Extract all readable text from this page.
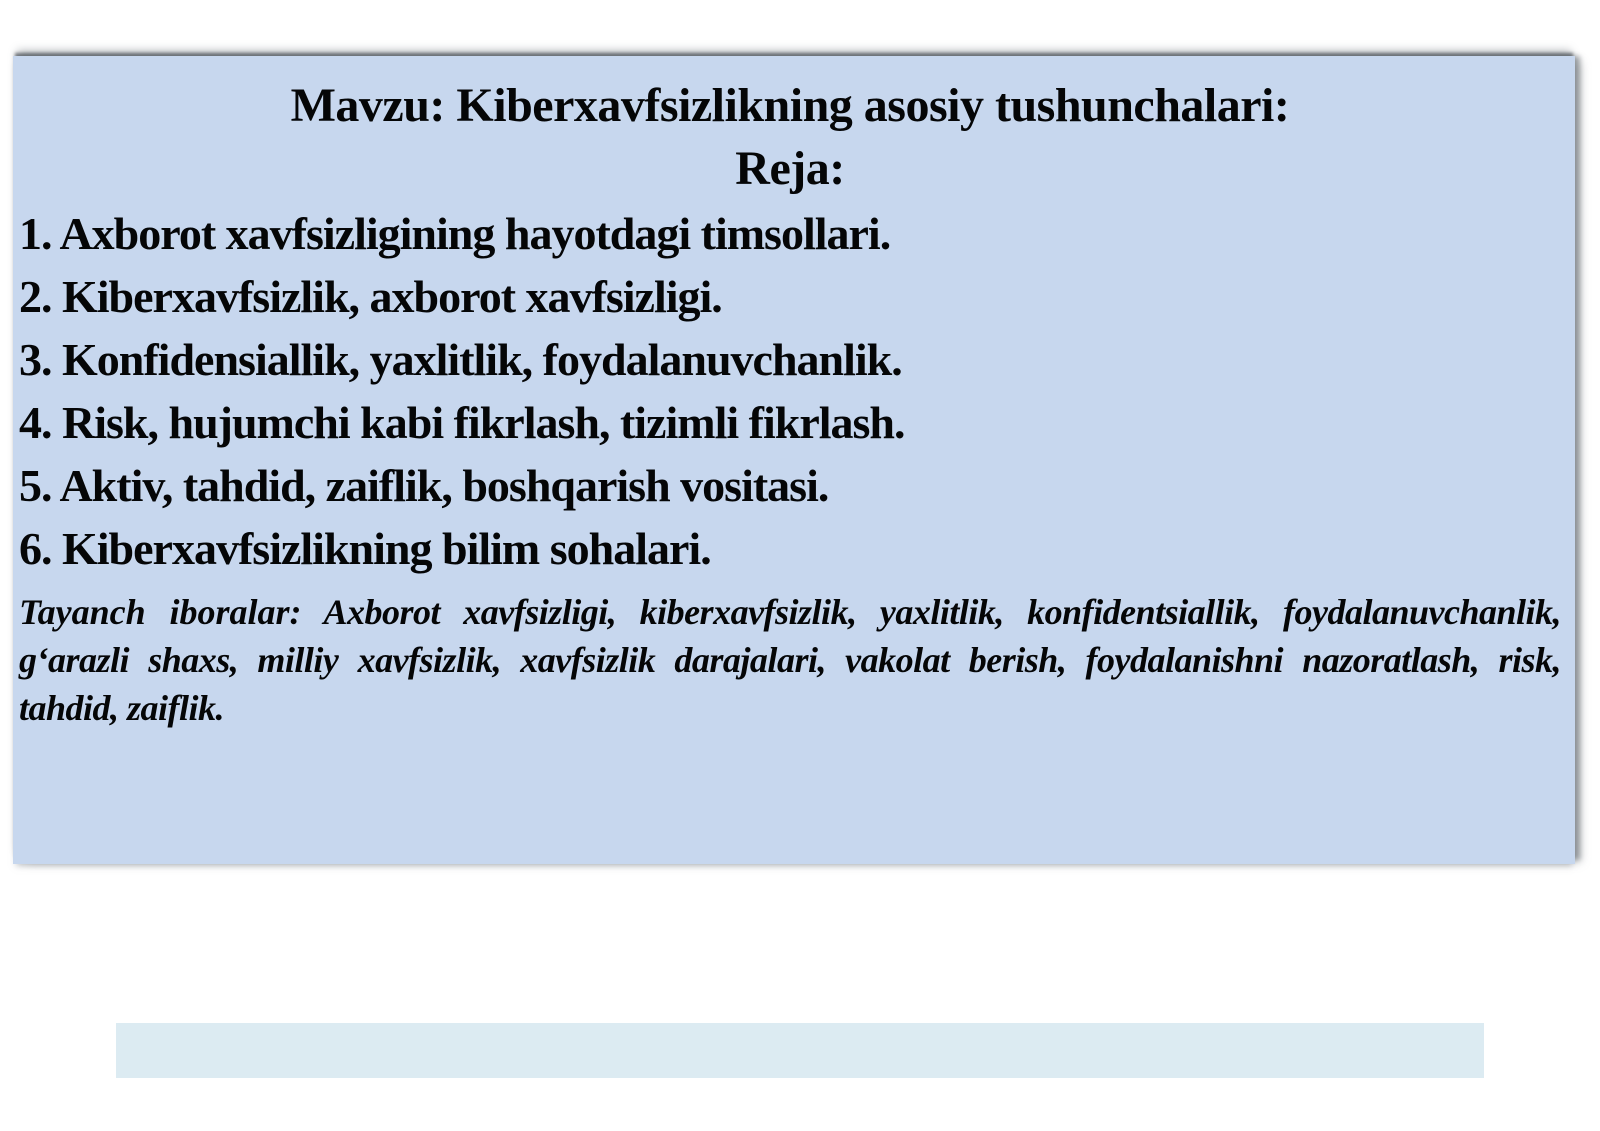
Mavzu: Kiberxavfsizlikning asosiy tushunchalari:
Reja:
1. Axborot xavfsizligining hayotdagi timsollari.
2. Kiberxavfsizlik, axborot xavfsizligi.
3. Konfidensiallik, yaxlitlik, foydalanuvchanlik.
4. Risk, hujumchi kabi fikrlash, tizimli fikrlash.
5. Aktiv, tahdid, zaiflik, boshqarish vositasi.
6. Kiberxavfsizlikning bilim sohalari.
Tayanch iboralar: Axborot xavfsizligi, kiberxavfsizlik, yaxlitlik, konfidentsiallik, foydalanuvchanlik, g‘arazli shaxs, milliy xavfsizlik, xavfsizlik darajalari, vakolat berish, foydalanishni nazoratlash, risk, tahdid, zaiflik.
